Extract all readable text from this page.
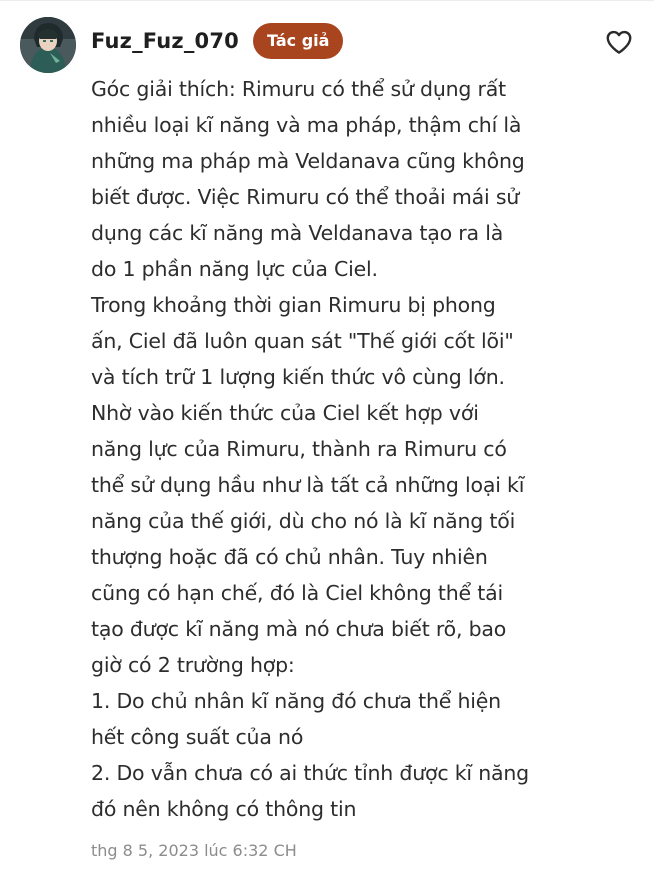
Fuz_Fuz_070	Tác giả
Góc giải thích: Rimuru có thể sử dụng rất
nhiều loại kĩ năng và ma pháp, thậm chí là
những ma pháp mà Veldanava cũng không
biết được. Việc Rimuru có thể thoải mái sử
dụng các kĩ năng mà Veldanava tạo ra là
do 1 phần năng lực của Ciel.
Trong khoảng thời gian Rimuru bị phong
ấn, Ciel đã luôn quan sát "Thế giới cốt lõi"
và tích trữ 1 lượng kiến thức vô cùng lớn.
Nhờ vào kiến thức của Ciel kết hợp với
năng lực của Rimuru, thành ra Rimuru có
thể sử dụng hầu như là tất cả những loại kĩ
năng của thế giới, dù cho nó là kĩ năng tối
thượng hoặc đã có chủ nhân. Tuy nhiên
cũng có hạn chế, đó là Ciel không thể tái
tạo được kĩ năng mà nó chưa biết rõ, bao
giờ có 2 trường hợp:
1. Do chủ nhân kĩ năng đó chưa thể hiện
hết công suất của nó
2. Do vẫn chưa có ai thức tỉnh được kĩ năng
đó nên không có thông tin
thg 8 5, 2023 lúc 6:32 CH
